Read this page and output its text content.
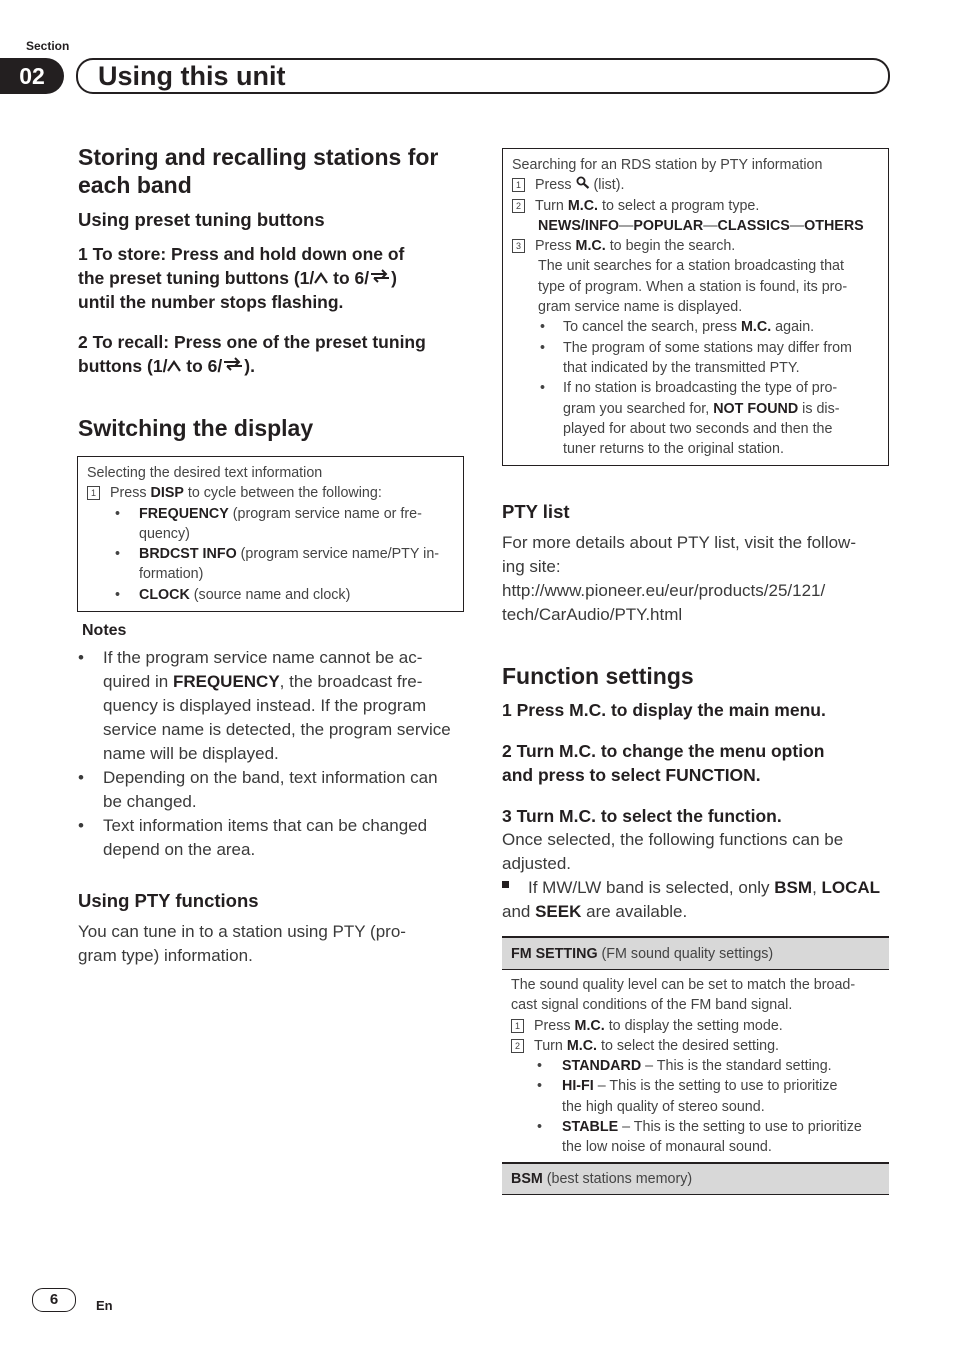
Section
02	Using this unit
Storing and recalling stations for each band
Using preset tuning buttons
1 To store: Press and hold down one of
the preset tuning buttons (1/ to 6/ )
until the number stops flashing.
2 To recall: Press one of the preset tuning
buttons (1/ to 6/ ).
Switching the display
Selecting the desired text information
1 Press DISP to cycle between the following:
• FREQUENCY (program service name or fre-
quency)
• BRDCST INFO (program service name/PTY in-
formation)
• CLOCK (source name and clock)
Notes
• If the program service name cannot be ac-
quired in FREQUENCY, the broadcast fre-
quency is displayed instead. If the program
service name is detected, the program service
name will be displayed.
• Depending on the band, text information can
be changed.
• Text information items that can be changed
depend on the area.
Using PTY functions
You can tune in to a station using PTY (pro-
gram type) information.
Searching for an RDS station by PTY information
1 Press  (list).
2 Turn M.C. to select a program type.
NEWS/INFO—POPULAR—CLASSICS—OTHERS
3 Press M.C. to begin the search.
The unit searches for a station broadcasting that
type of program. When a station is found, its pro-
gram service name is displayed.
• To cancel the search, press M.C. again.
• The program of some stations may differ from
that indicated by the transmitted PTY.
• If no station is broadcasting the type of pro-
gram you searched for, NOT FOUND is dis-
played for about two seconds and then the
tuner returns to the original station.
PTY list
For more details about PTY list, visit the follow-
ing site:
http://www.pioneer.eu/eur/products/25/121/
tech/CarAudio/PTY.html
Function settings
1 Press M.C. to display the main menu.
2 Turn M.C. to change the menu option
and press to select FUNCTION.
3 Turn M.C. to select the function.
Once selected, the following functions can be
adjusted.
If MW/LW band is selected, only BSM, LOCAL
and SEEK are available.
FM SETTING (FM sound quality settings)
The sound quality level can be set to match the broad-
cast signal conditions of the FM band signal.
1 Press M.C. to display the setting mode.
2 Turn M.C. to select the desired setting.
• STANDARD – This is the standard setting.
• HI-FI – This is the setting to use to prioritize
the high quality of stereo sound.
• STABLE – This is the setting to use to prioritize
the low noise of monaural sound.
BSM (best stations memory)
6	En
